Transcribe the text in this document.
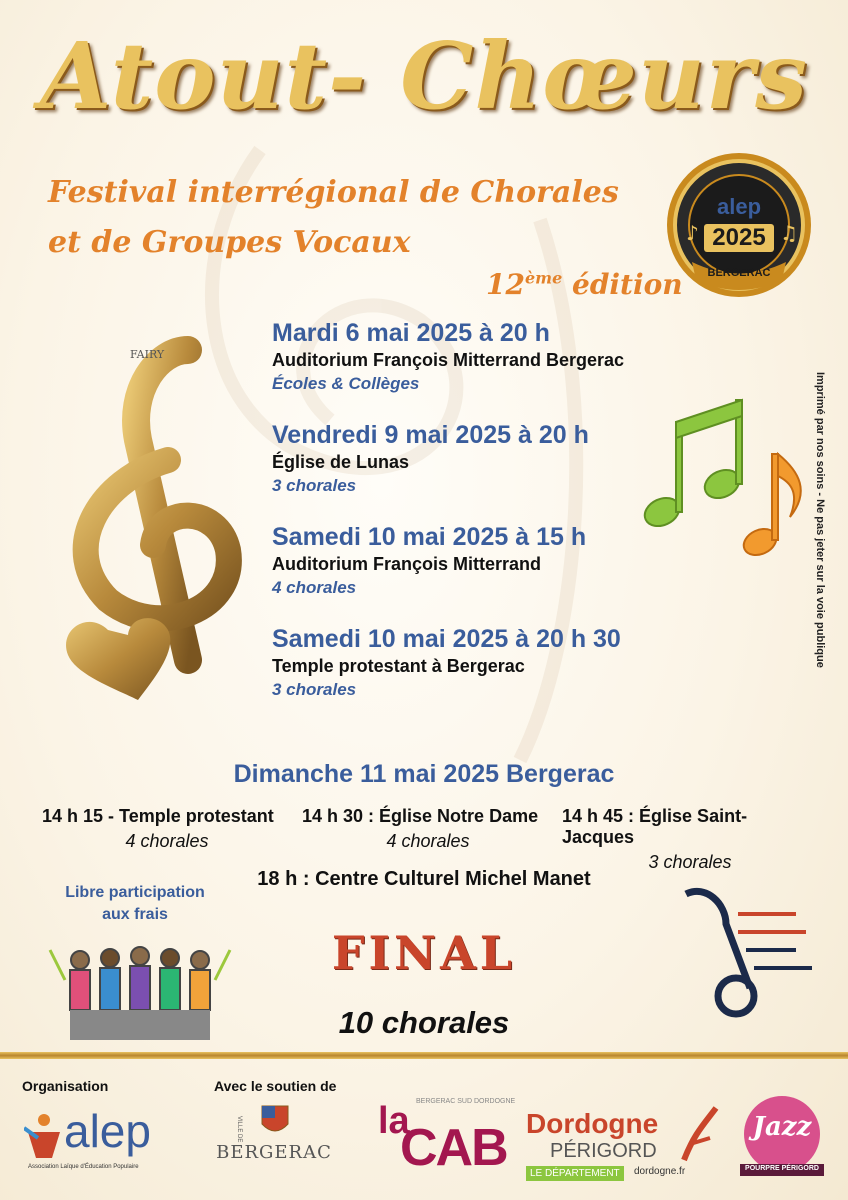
Atout- Chœurs
Festival interrégional de Chorales
et de Groupes Vocaux
12ème édition
♪	♫
alep
2025
BERGERAC
FAIRY
Mardi 6 mai 2025 à 20 h
Auditorium François Mitterrand Bergerac
Écoles & Collèges
Vendredi 9 mai 2025 à 20 h
Église de Lunas
3 chorales
Samedi 10 mai 2025 à 15 h
Auditorium François Mitterrand
4 chorales
Samedi 10 mai 2025 à 20 h 30
Temple protestant à Bergerac
3 chorales
Imprimé par nos soins - Ne pas jeter sur la voie publique
Dimanche 11 mai 2025 Bergerac
14 h 15 - Temple protestant
4 chorales
14 h 30 : Église Notre Dame
4 chorales
14 h 45 : Église Saint-Jacques
3 chorales
18 h : Centre Culturel Michel Manet
FINAL
10 chorales
Libre participation
aux frais
Organisation	Avec le soutien de
alep
Association Laïque d'Éducation Populaire
VILLE DE
BERGERAC
BERGERAC SUD DORDOGNE
la
CAB Dordogne
PÉRIGORD
LE DÉPARTEMENT	dordogne.fr
Jazz
POURPRE PÉRIGORD
